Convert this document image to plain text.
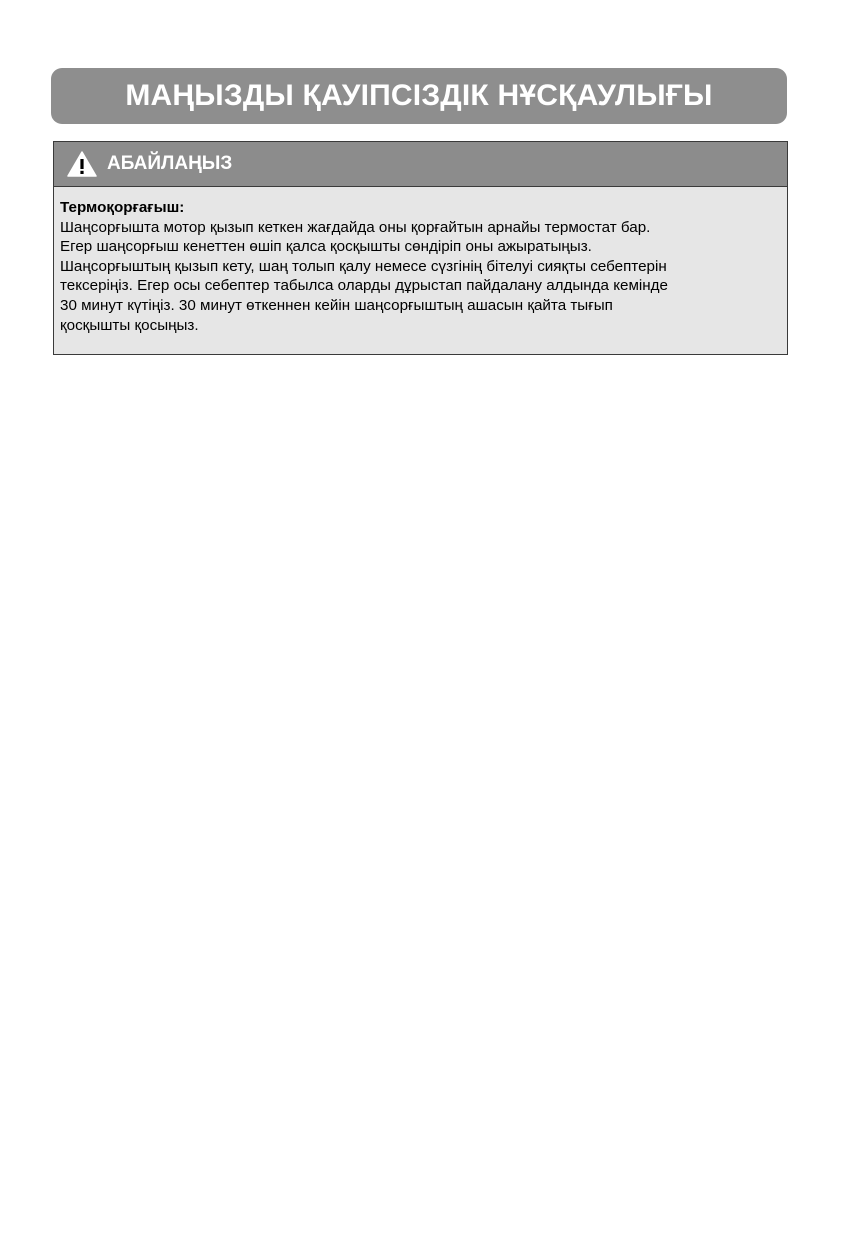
МАҢЫЗДЫ ҚАУІПСІЗДІК НҰСҚАУЛЫҒЫ
АБАЙЛАҢЫЗ
Термоқорғағыш:
Шаңсорғышта мотор қызып кеткен жағдайда оны қорғайтын арнайы термостат бар.
Егер шаңсорғыш кенеттен өшіп қалса қосқышты сөндіріп оны ажыратыңыз.
Шаңсорғыштың қызып кету, шаң толып қалу немесе сүзгінің бітелуі сияқты себептерін
тексеріңіз. Егер осы себептер табылса оларды дұрыстап пайдалану алдында кемінде
30 минут күтіңіз. 30 минут өткеннен кейін шаңсорғыштың ашасын қайта тығып
қосқышты қосыңыз.
